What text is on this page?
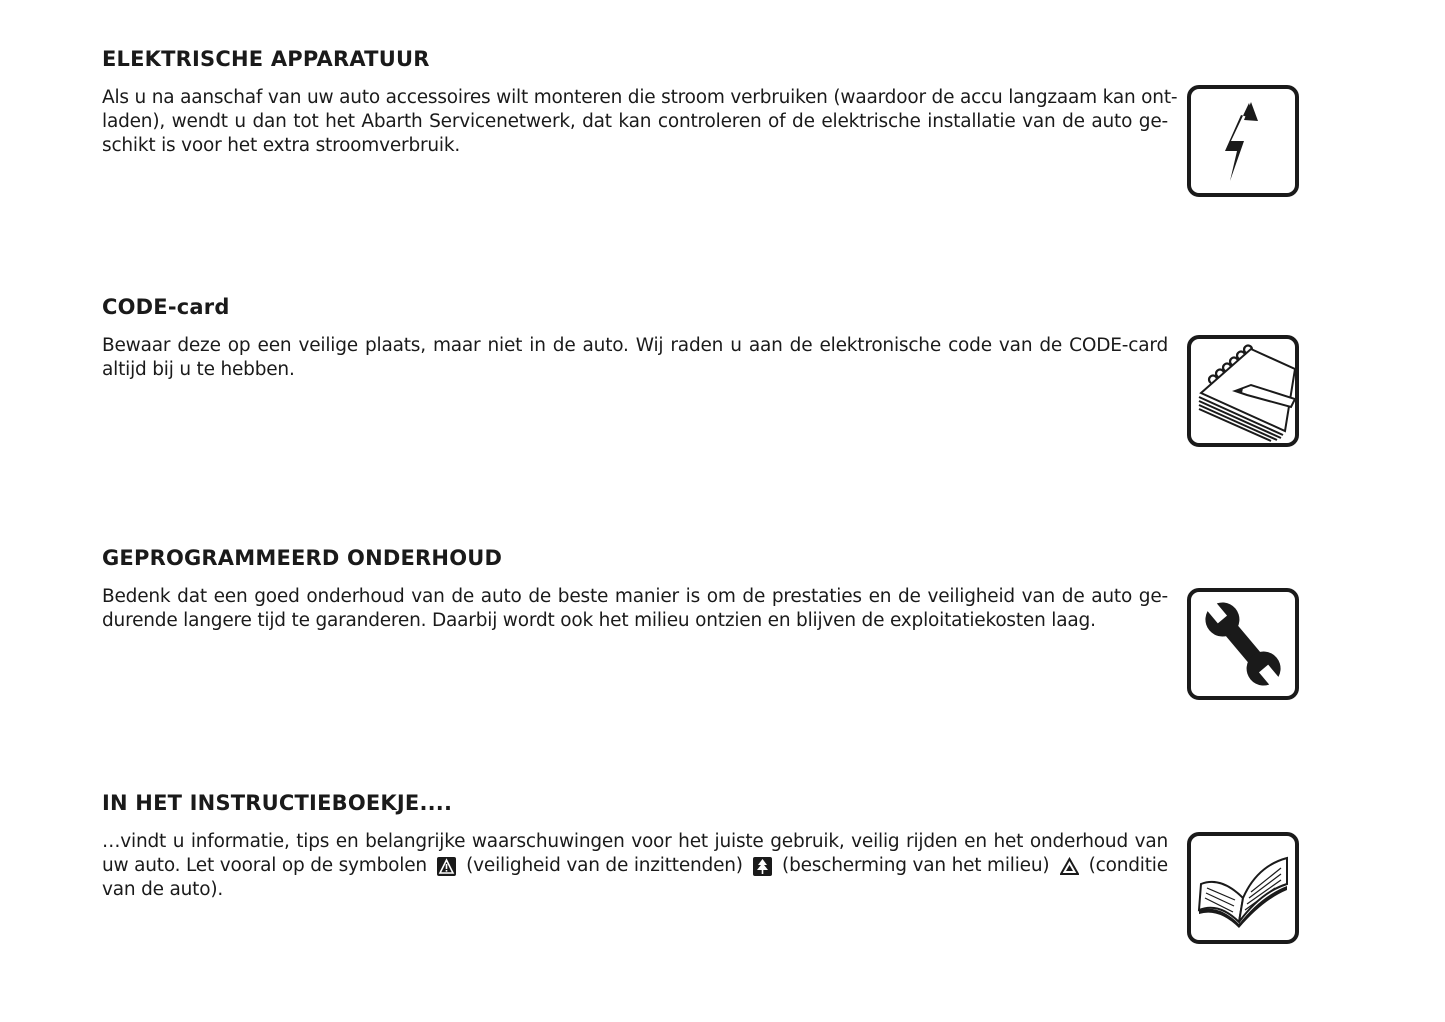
ELEKTRISCHE APPARATUUR

Als u na aanschaf van uw auto accessoires wilt monteren die stroom verbruiken (waardoor de accu langzaam kan ont-
laden), wendt u dan tot het Abarth Servicenetwerk, dat kan controleren of de elektrische installatie van de auto ge-
schikt is voor het extra stroomverbruik.

CODE-card

Bewaar deze op een veilige plaats, maar niet in de auto. Wij raden u aan de elektronische code van de CODE-card
altijd bij u te hebben.

GEPROGRAMMEERD ONDERHOUD

Bedenk dat een goed onderhoud van de auto de beste manier is om de prestaties en de veiligheid van de auto ge-
durende langere tijd te garanderen. Daarbij wordt ook het milieu ontzien en blijven de exploitatiekosten laag.

IN HET INSTRUCTIEBOEKJE....

…vindt u informatie, tips en belangrijke waarschuwingen voor het juiste gebruik, veilig rijden en het onderhoud van
uw auto. Let vooral op de symbolen (veiligheid van de inzittenden) (bescherming van het milieu) (conditie
van de auto).
